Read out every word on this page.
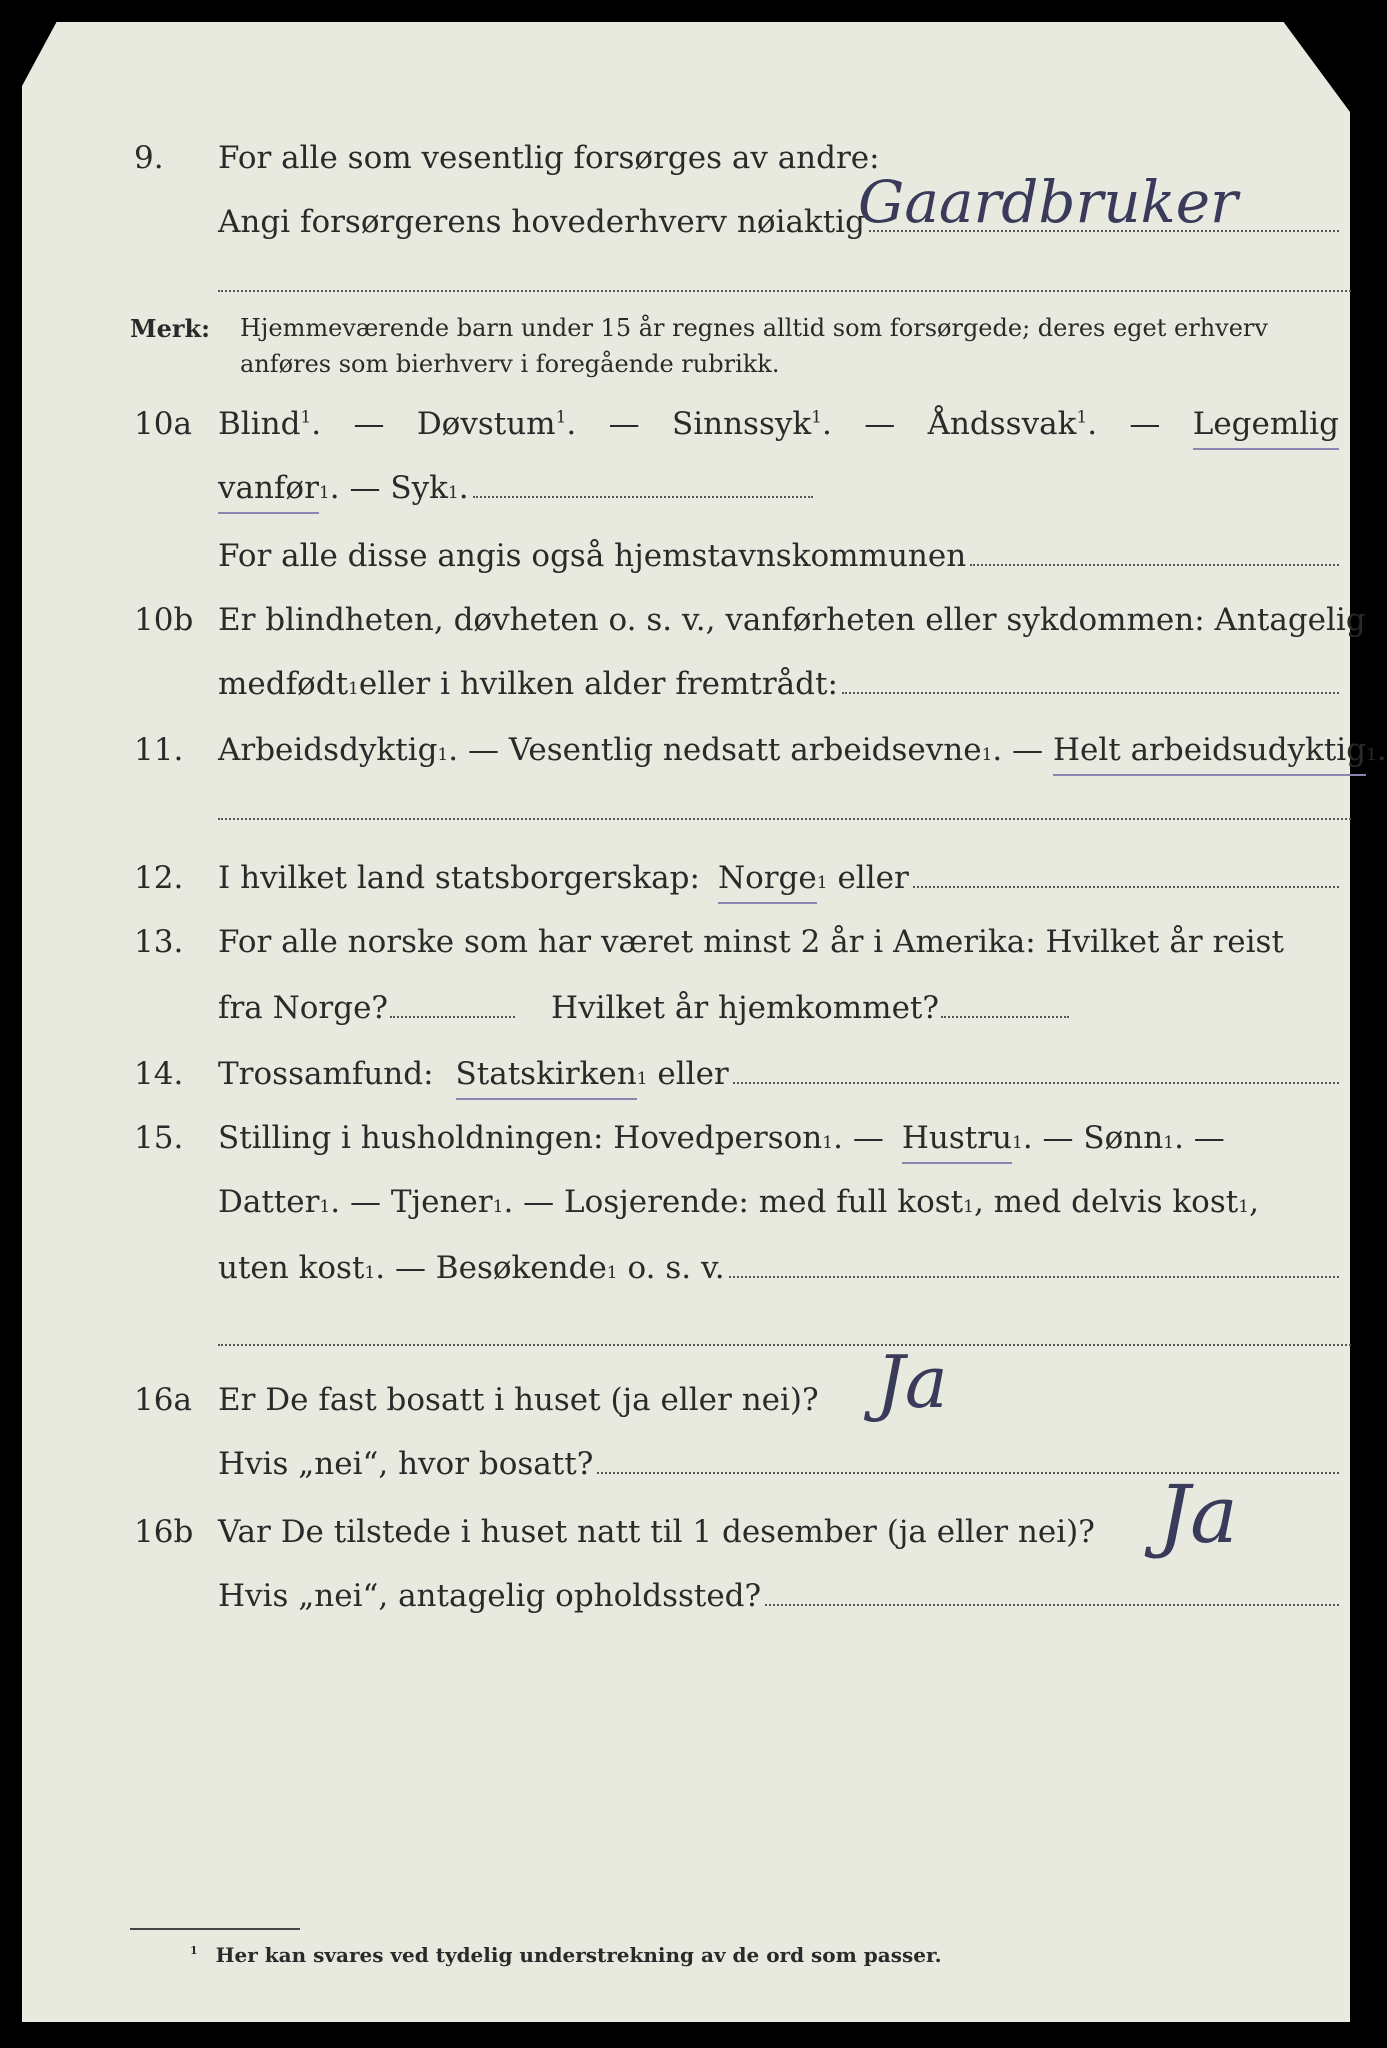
9. For alle som vesentlig forsørges av andre:
Angi forsørgerens hovederhverv nøiaktig
Gaardbruker
Merk: Hjemmeværende barn under 15 år regnes alltid som forsørgede; deres eget erhverv
anføres som bierhverv i foregående rubrikk.
10a Blind$^1$. — Døvstum$^1$. — Sinnssyk$^1$. — Åndssvak$^1$. — Legemlig
vanfør 1 . — Syk 1 .
For alle disse angis også hjemstavnskommunen
10b Er blindheten, døvheten o. s. v., vanførheten eller sykdommen: Antagelig
medfødt 1 eller i hvilken alder fremtrådt:
11. Arbeidsdyktig 1 . — Vesentlig nedsatt arbeidsevne 1 . — Helt arbeidsudyktig 1 .
12. I hvilket land statsborgerskap: Norge 1 eller
13. For alle norske som har været minst 2 år i Amerika: Hvilket år reist
fra Norge?	Hvilket år hjemkommet?
14. Trossamfund: Statskirken 1 eller
15. Stilling i husholdningen: Hovedperson 1 . — Hustru 1 . — Sønn 1 . —
Datter 1 . — Tjener 1 . — Losjerende: med full kost 1 , med delvis kost 1 ,
uten kost 1 . — Besøkende 1 o. s. v.
16a Er De fast bosatt i huset (ja eller nei)? Ja
Hvis „nei“, hvor bosatt?
16b Var De tilstede i huset natt til 1 desember (ja eller nei)? Ja
Hvis „nei“, antagelig opholdssted?
$^1$ Her kan svares ved tydelig understrekning av de ord som passer.
